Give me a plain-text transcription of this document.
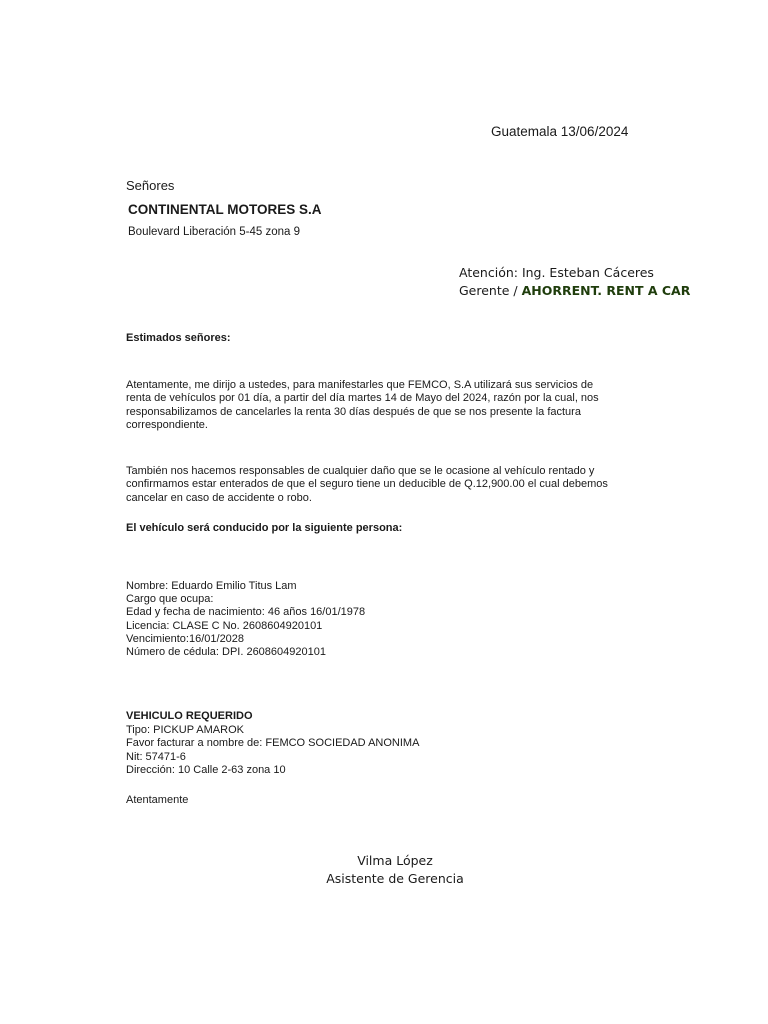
Guatemala 13/06/2024
Señores
CONTINENTAL MOTORES S.A
Boulevard Liberación 5-45 zona 9
Atención: Ing. Esteban Cáceres
Gerente / AHORRENT. RENT A CAR
Estimados señores:
Atentamente, me dirijo a ustedes, para manifestarles que FEMCO, S.A utilizará sus servicios de
renta de vehículos por 01 día, a partir del día martes 14 de Mayo del 2024, razón por la cual, nos
responsabilizamos de cancelarles la renta 30 días después de que se nos presente la factura
correspondiente.
También nos hacemos responsables de cualquier daño que se le ocasione al vehículo rentado y
confirmamos estar enterados de que el seguro tiene un deducible de Q.12,900.00 el cual debemos
cancelar en caso de accidente o robo.
El vehículo será conducido por la siguiente persona:
Nombre: Eduardo Emilio Titus Lam
Cargo que ocupa:
Edad y fecha de nacimiento: 46 años 16/01/1978
Licencia: CLASE C No. 2608604920101
Vencimiento:16/01/2028
Número de cédula: DPI. 2608604920101
VEHICULO REQUERIDO
Tipo: PICKUP AMAROK
Favor facturar a nombre de: FEMCO SOCIEDAD ANONIMA
Nit: 57471-6
Dirección: 10 Calle 2-63 zona 10
Atentamente
Vilma López
Asistente de Gerencia
